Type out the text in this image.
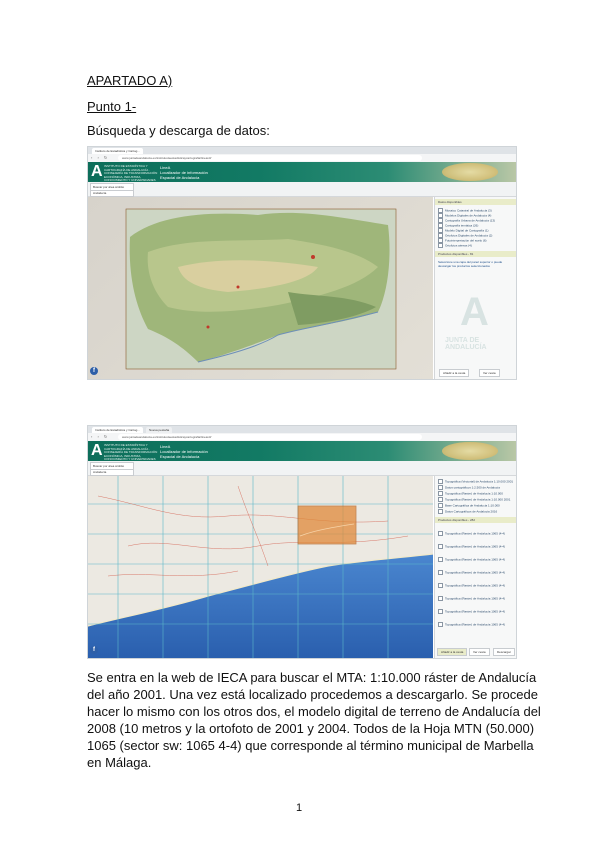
APARTADO A)
Punto 1-
Búsqueda y descarga de datos:
Instituto de Estadística y Cartog...
‹ › ↻	www.juntadeandalucia.es/institutodeestadisticaycartografia/lineav3/
A INSTITUTO DE ESTADÍSTICA Y CARTOGRAFÍA DE ANDALUCÍA · CONSEJERÍA DE TRANSFORMACIÓN ECONÓMICA, INDUSTRIA, CONOCIMIENTO Y UNIVERSIDADES
LineA
Localizador de información
Espacial de Andalucía
Buscar por área ámbito
Andalucía
f
Datos disponibles
Mosaico Catastral de Andalucía (3)
Modelos Digitales de Andalucía (4)
Cartografía Urbana de Andalucía (13)
Cartografía temática (26)
Modelo Digital de Cartografía (1)
Ortofotos Digitales de Andalucía (2)
Fotointerpretación del suelo (6)
Ortofotos aéreas (4)
Productos disponibles - 81
Seleccione una capa del panel superior o puede descargar los productos seleccionados
A
JUNTA DE ANDALUCÍA
Añadir a la cesta	Ver cesta
Instituto de Estadística y Cartog...	Nueva pestaña
‹ › ↻	www.juntadeandalucia.es/institutodeestadisticaycartografia/lineav3/
A INSTITUTO DE ESTADÍSTICA Y CARTOGRAFÍA DE ANDALUCÍA · CONSEJERÍA DE TRANSFORMACIÓN ECONÓMICA, INDUSTRIA, CONOCIMIENTO Y UNIVERSIDADES
LineA
Localizador de información
Espacial de Andalucía
Buscar por área ámbito
Andalucía
f
Topográfica (Vectorial) de Andalucía 1:10.000 2001
Datos cartográficos 1:2.500 de Andalucía
Topográfica (Raster) de Andalucía 1:10.000
Topográfica (Raster) de Andalucía 1:10.000 2001
Base Cartográfica de Andalucía 1:10.000
Datos Cartográficos de Andalucía 2016
Productos disponibles - 282
Topográfica (Raster) de Andalucía 1065 (4-4)
Topográfica (Raster) de Andalucía 1065 (4-4)
Topográfica (Raster) de Andalucía 1065 (4-4)
Topográfica (Raster) de Andalucía 1065 (4-4)
Topográfica (Raster) de Andalucía 1065 (4-4)
Topográfica (Raster) de Andalucía 1065 (4-4)
Topográfica (Raster) de Andalucía 1065 (4-4)
Topográfica (Raster) de Andalucía 1065 (4-4)
Añadir a la cesta	Ver cesta	Descargar
Se entra en la web de IECA para buscar el MTA: 1:10.000 ráster de Andalucía
del año 2001. Una vez está localizado procedemos a descargarlo. Se procede
hacer lo mismo con los otros dos, el modelo digital de terreno de Andalucía del
2008 (10 metros y la ortofoto de 2001 y 2004. Todos de la Hoja MTN (50.000)
1065 (sector sw: 1065 4-4) que corresponde al término municipal de Marbella
en Málaga.
1
